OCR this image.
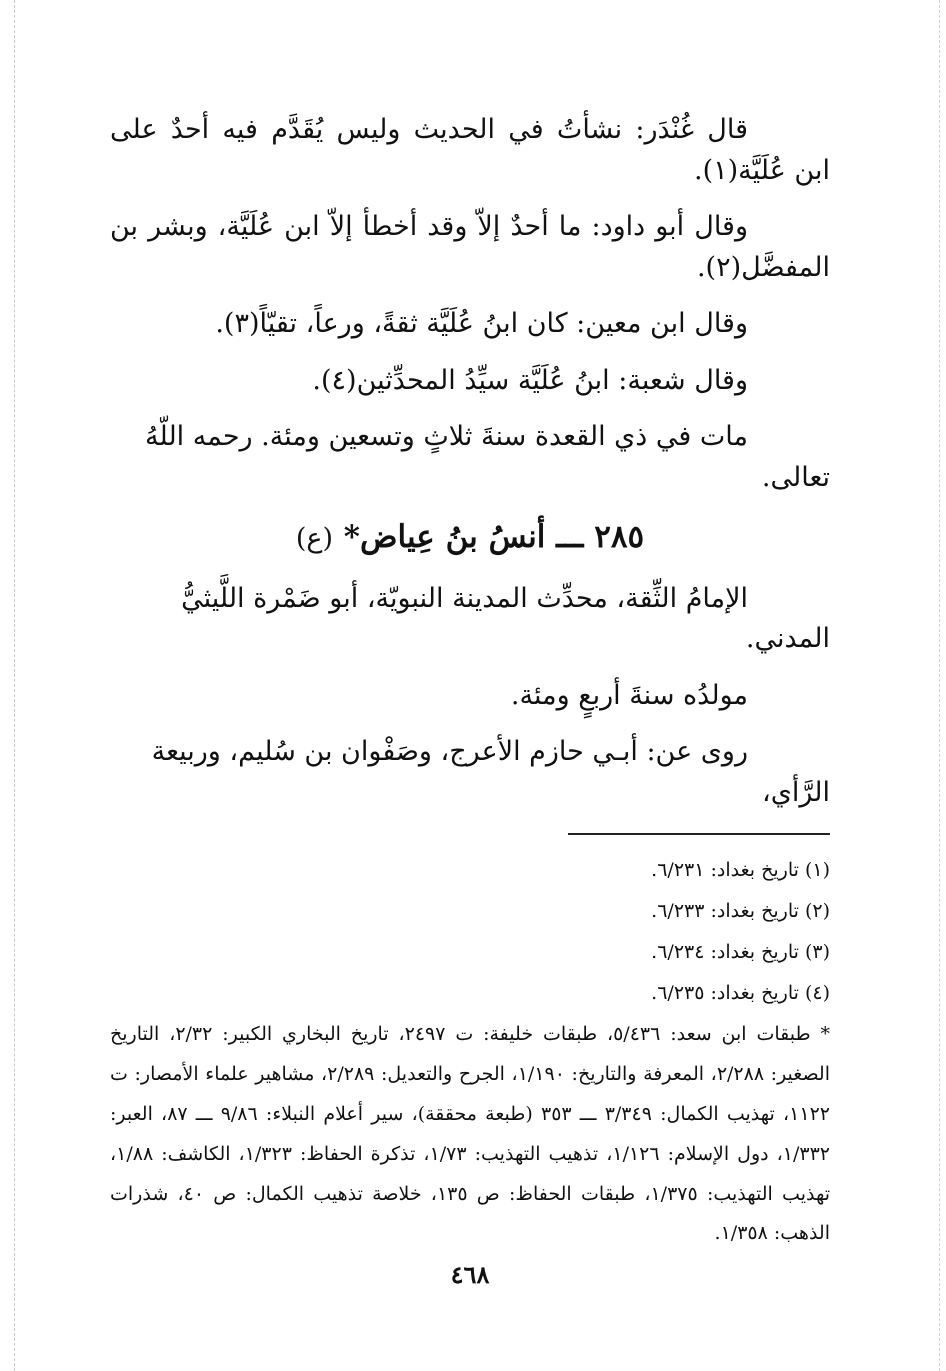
قال غُنْدَر: نشأتُ في الحديث وليس يُقَدَّم فيه أحدٌ على ابن عُلَيَّة(١).

وقال أبو داود: ما أحدٌ إلاّ وقد أخطأ إلاّ ابن عُلَيَّة، وبشر بن المفضَّل(٢).

وقال ابن معين: كان ابنُ عُلَيَّة ثقةً، ورعاً، تقيّاً(٣).

وقال شعبة: ابنُ عُلَيَّة سيِّدُ المحدِّثين(٤).

مات في ذي القعدة سنةَ ثلاثٍ وتسعين ومئة. رحمه اللّهُ تعالى.

٢٨٥ ـــ أنسُ بنُ عِياض* (ع)

الإمامُ الثِّقة، محدِّث المدينة النبويّة، أبو ضَمْرة اللَّيثيُّ المدني.

مولدُه سنةَ أربعٍ ومئة.

روى عن: أبـي حازم الأعرج، وصَفْوان بن سُليم، وربيعة الرَّأي،

(١) تاريخ بغداد: ٦/٢٣١.
(٢) تاريخ بغداد: ٦/٢٣٣.
(٣) تاريخ بغداد: ٦/٢٣٤.
(٤) تاريخ بغداد: ٦/٢٣٥.
* طبقات ابن سعد: ٥/٤٣٦، طبقات خليفة: ت ٢٤٩٧، تاريخ البخاري الكبير: ٢/٣٢، التاريخ الصغير: ٢/٢٨٨، المعرفة والتاريخ: ١/١٩٠، الجرح والتعديل: ٢/٢٨٩، مشاهير علماء الأمصار: ت ١١٢٢، تهذيب الكمال: ٣/٣٤٩ ـــ ٣٥٣ (طبعة محققة)، سير أعلام النبلاء: ٩/٨٦ ـــ ٨٧، العبر: ١/٣٣٢، دول الإسلام: ١/١٢٦، تذهيب التهذيب: ١/٧٣، تذكرة الحفاظ: ١/٣٢٣، الكاشف: ١/٨٨، تهذيب التهذيب: ١/٣٧٥، طبقات الحفاظ: ص ١٣٥، خلاصة تذهيب الكمال: ص ٤٠، شذرات الذهب: ١/٣٥٨.
٤٦٨
